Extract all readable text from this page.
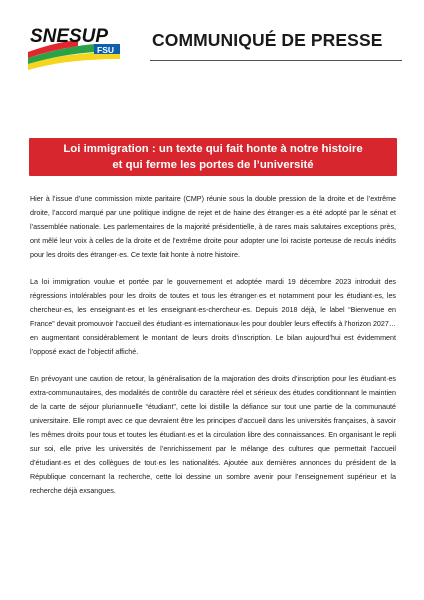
SNESUP
FSU COMMUNIQUÉ DE PRESSE
Loi immigration : un texte qui fait honte à notre histoire
et qui ferme les portes de l’université

Hier à l’issue d’une commission mixte paritaire (CMP) réunie sous la double pression de la droite et de l’extrême droite, l’accord marqué par une politique indigne de rejet et de haine des étranger·es a été adopté par le sénat et l’assemblée nationale. Les parlementaires de la majorité présidentielle, à de rares mais salutaires exceptions près, ont mêlé leur voix à celles de la droite et de l’extrême droite pour adopter une loi raciste porteuse de reculs inédits pour les droits des étranger·es. Ce texte fait honte à notre histoire.

La loi immigration voulue et portée par le gouvernement et adoptée mardi 19 décembre 2023 introduit des régressions intolérables pour les droits de toutes et tous les étranger·es et notamment pour les étudiant·es, les chercheur·es, les enseignant·es et les enseignant·es-chercheur·es. Depuis 2018 déjà, le label “Bienvenue en France” devait promouvoir l’accueil des étudiant·es internationaux·les pour doubler leurs effectifs à l’horizon 2027… en augmentant considérablement le montant de leurs droits d’inscription. Le bilan aujourd’hui est évidemment l’opposé exact de l’objectif affiché.

En prévoyant une caution de retour, la généralisation de la majoration des droits d’inscription pour les étudiant·es extra-communautaires, des modalités de contrôle du caractère réel et sérieux des études conditionnant le maintien de la carte de séjour pluriannuelle “étudiant”, cette loi distille la défiance sur tout une partie de la communauté universitaire. Elle rompt avec ce que devraient être les principes d’accueil dans les universités françaises, à savoir les mêmes droits pour tous et toutes les étudiant·es et la circulation libre des connaissances. En organisant le repli sur soi, elle prive les universités de l’enrichissement par le mélange des cultures que permettait l’accueil d’étudiant·es et des collègues de tout·es les nationalités. Ajoutée aux dernières annonces du président de la République concernant la recherche, cette loi dessine un sombre avenir pour l’enseignement supérieur et la recherche déjà exsangues.
